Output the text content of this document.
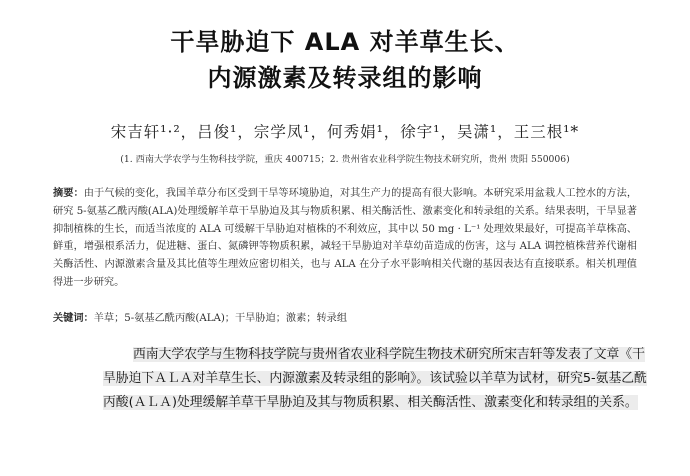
干旱胁迫下 ALA 对羊草生长、
内源激素及转录组的影响
宋吉轩¹·²，吕俊¹，宗学凤¹，何秀娟¹，徐宇¹，吴潇¹，王三根¹*
(1. 西南大学农学与生物科技学院，重庆 400715；2. 贵州省农业科学院生物技术研究所，贵州 贵阳 550006)
摘要：由于气候的变化，我国羊草分布区受到干旱等环境胁迫，对其生产力的提高有很大影响。本研究采用盆栽人工控水的方法，研究 5-氨基乙酰丙酸(ALA)处理缓解羊草干旱胁迫及其与物质积累、相关酶活性、激素变化和转录组的关系。结果表明，干旱显著抑制植株的生长，而适当浓度的 ALA 可缓解干旱胁迫对植株的不利效应，其中以 50 mg · L⁻¹ 处理效果最好，可提高羊草株高、鲜重，增强根系活力，促进糖、蛋白、氮磷钾等物质积累，减轻干旱胁迫对羊草幼苗造成的伤害，这与 ALA 调控植株营养代谢相关酶活性、内源激素含量及其比值等生理效应密切相关，也与 ALA 在分子水平影响相关代谢的基因表达有直接联系。相关机理值得进一步研究。
关键词：羊草；5-氨基乙酰丙酸(ALA)；干旱胁迫；激素；转录组
西南大学农学与生物科技学院与贵州省农业科学院生物技术研究所宋吉轩等发表了文章《干旱胁迫下ＡＬＡ对羊草生长、内源激素及转录组的影响》。该试验以羊草为试材，研究5-氨基乙酰丙酸(ＡＬＡ)处理缓解羊草干旱胁迫及其与物质积累、相关酶活性、激素变化和转录组的关系。
